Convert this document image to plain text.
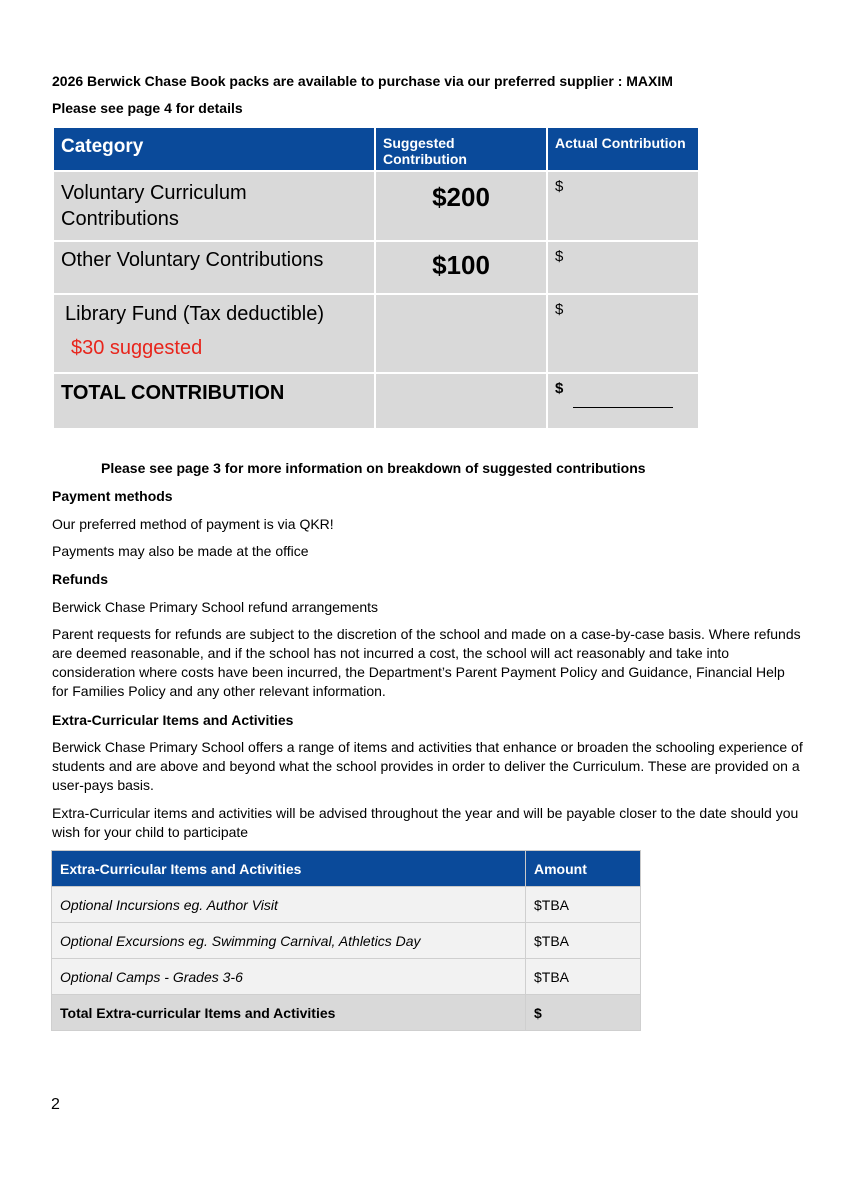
2026 Berwick Chase Book packs are available to purchase via our preferred supplier : MAXIM

Please see page 4 for details

Category	Suggested Contribution	Actual Contribution
Voluntary Curriculum Contributions	$200	$
Other Voluntary Contributions	$100	$

Library Fund (Tax deductible)
$30 suggested		$
TOTAL CONTRIBUTION		$

Please see page 3 for more information on breakdown of suggested contributions

Payment methods

Our preferred method of payment is via QKR!

Payments may also be made at the office

Refunds

Berwick Chase Primary School refund arrangements

Parent requests for refunds are subject to the discretion of the school and made on a case-by-case basis. Where refunds are deemed reasonable, and if the school has not incurred a cost, the school will act reasonably and take into consideration where costs have been incurred, the Department’s Parent Payment Policy and Guidance, Financial Help for Families Policy and any other relevant information.

Extra-Curricular Items and Activities

Berwick Chase Primary School offers a range of items and activities that enhance or broaden the schooling experience of students and are above and beyond what the school provides in order to deliver the Curriculum. These are provided on a user-pays basis.

Extra-Curricular items and activities will be advised throughout the year and will be payable closer to the date should you wish for your child to participate

Extra-Curricular Items and Activities	Amount
Optional Incursions eg. Author Visit	$TBA
Optional Excursions eg. Swimming Carnival, Athletics Day	$TBA
Optional Camps - Grades 3-6	$TBA
Total Extra-curricular Items and Activities	$

2
